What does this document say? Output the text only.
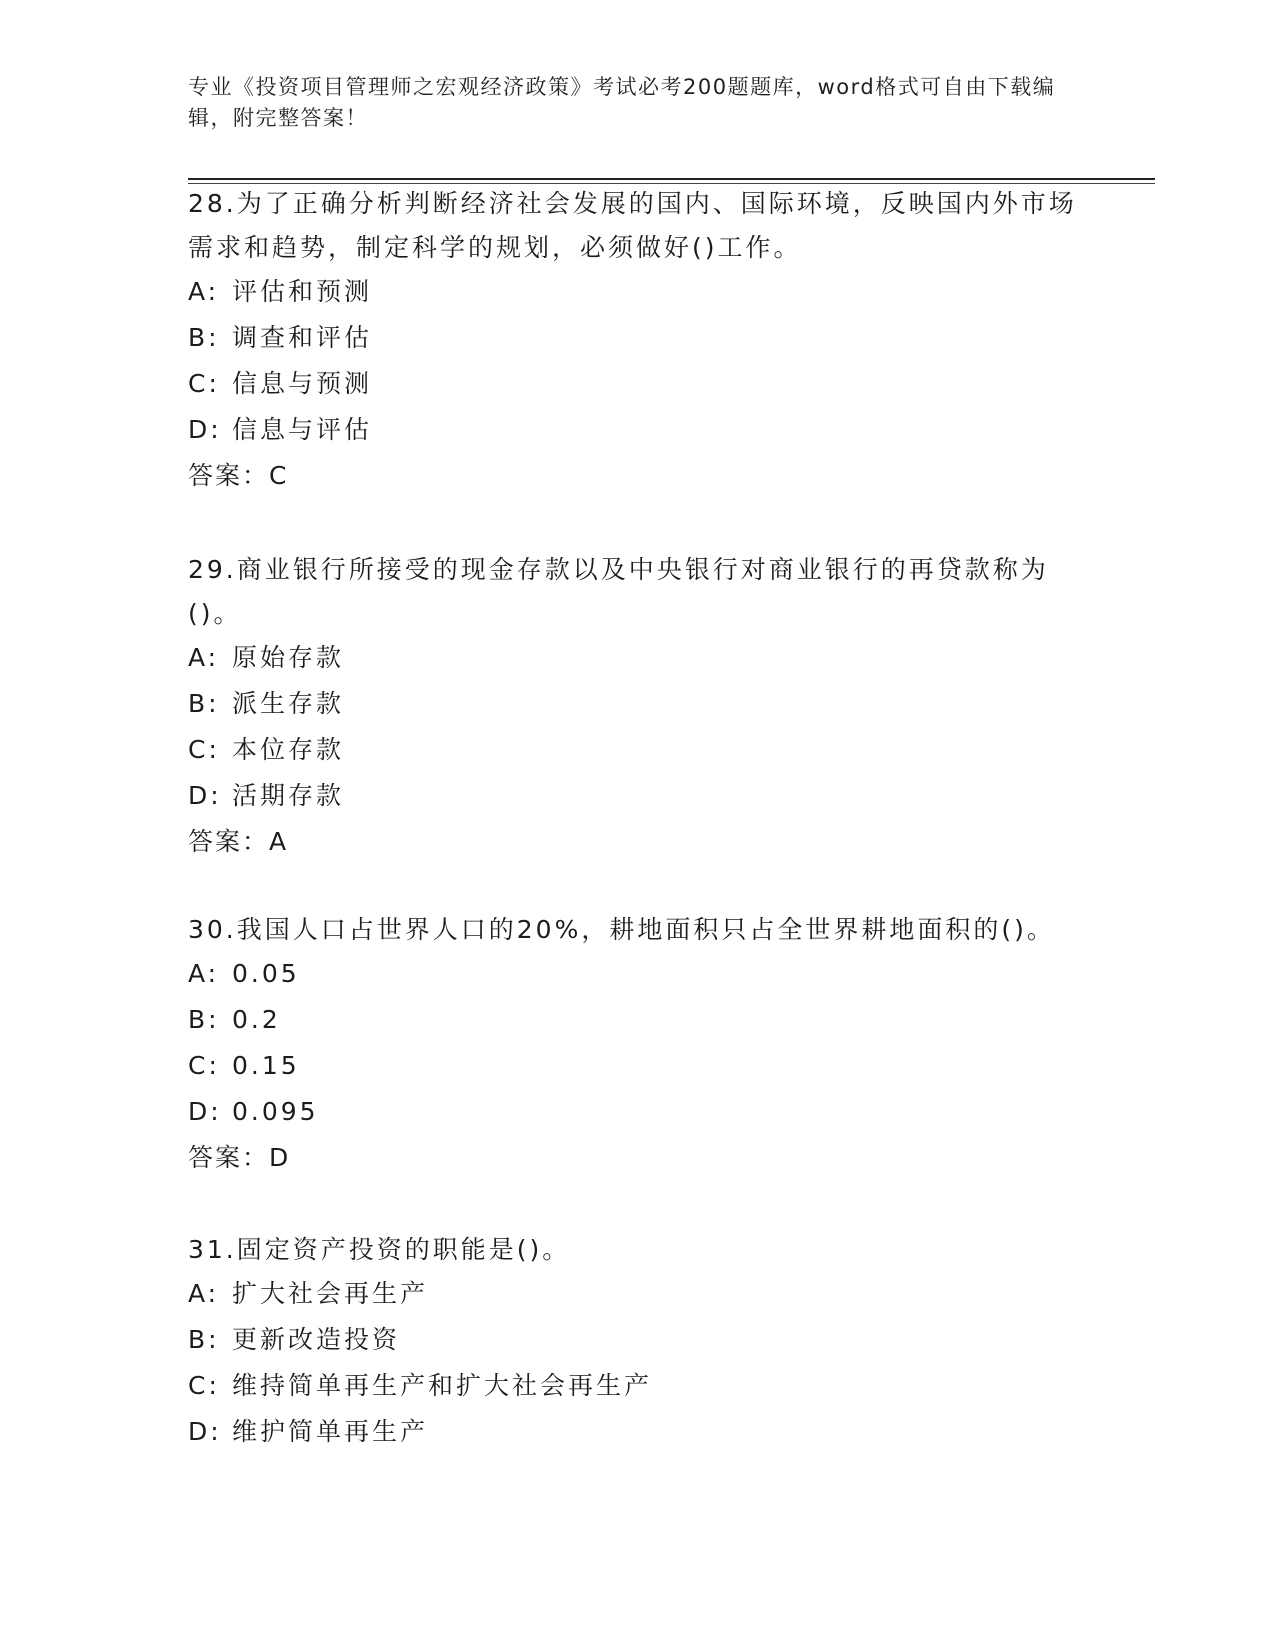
专业《投资项目管理师之宏观经济政策》考试必考200题题库，word格式可自由下载编辑，附完整答案！

28.为了正确分析判断经济社会发展的国内、国际环境，反映国内外市场需求和趋势，制定科学的规划，必须做好()工作。

A: 评估和预测

B: 调查和评估

C: 信息与预测

D: 信息与评估

答案：C

29.商业银行所接受的现金存款以及中央银行对商业银行的再贷款称为()。

A: 原始存款

B: 派生存款

C: 本位存款

D: 活期存款

答案：A

30.我国人口占世界人口的20%，耕地面积只占全世界耕地面积的()。

A: 0.05

B: 0.2

C: 0.15

D: 0.095

答案：D

31.固定资产投资的职能是()。

A: 扩大社会再生产

B: 更新改造投资

C: 维持简单再生产和扩大社会再生产

D: 维护简单再生产
